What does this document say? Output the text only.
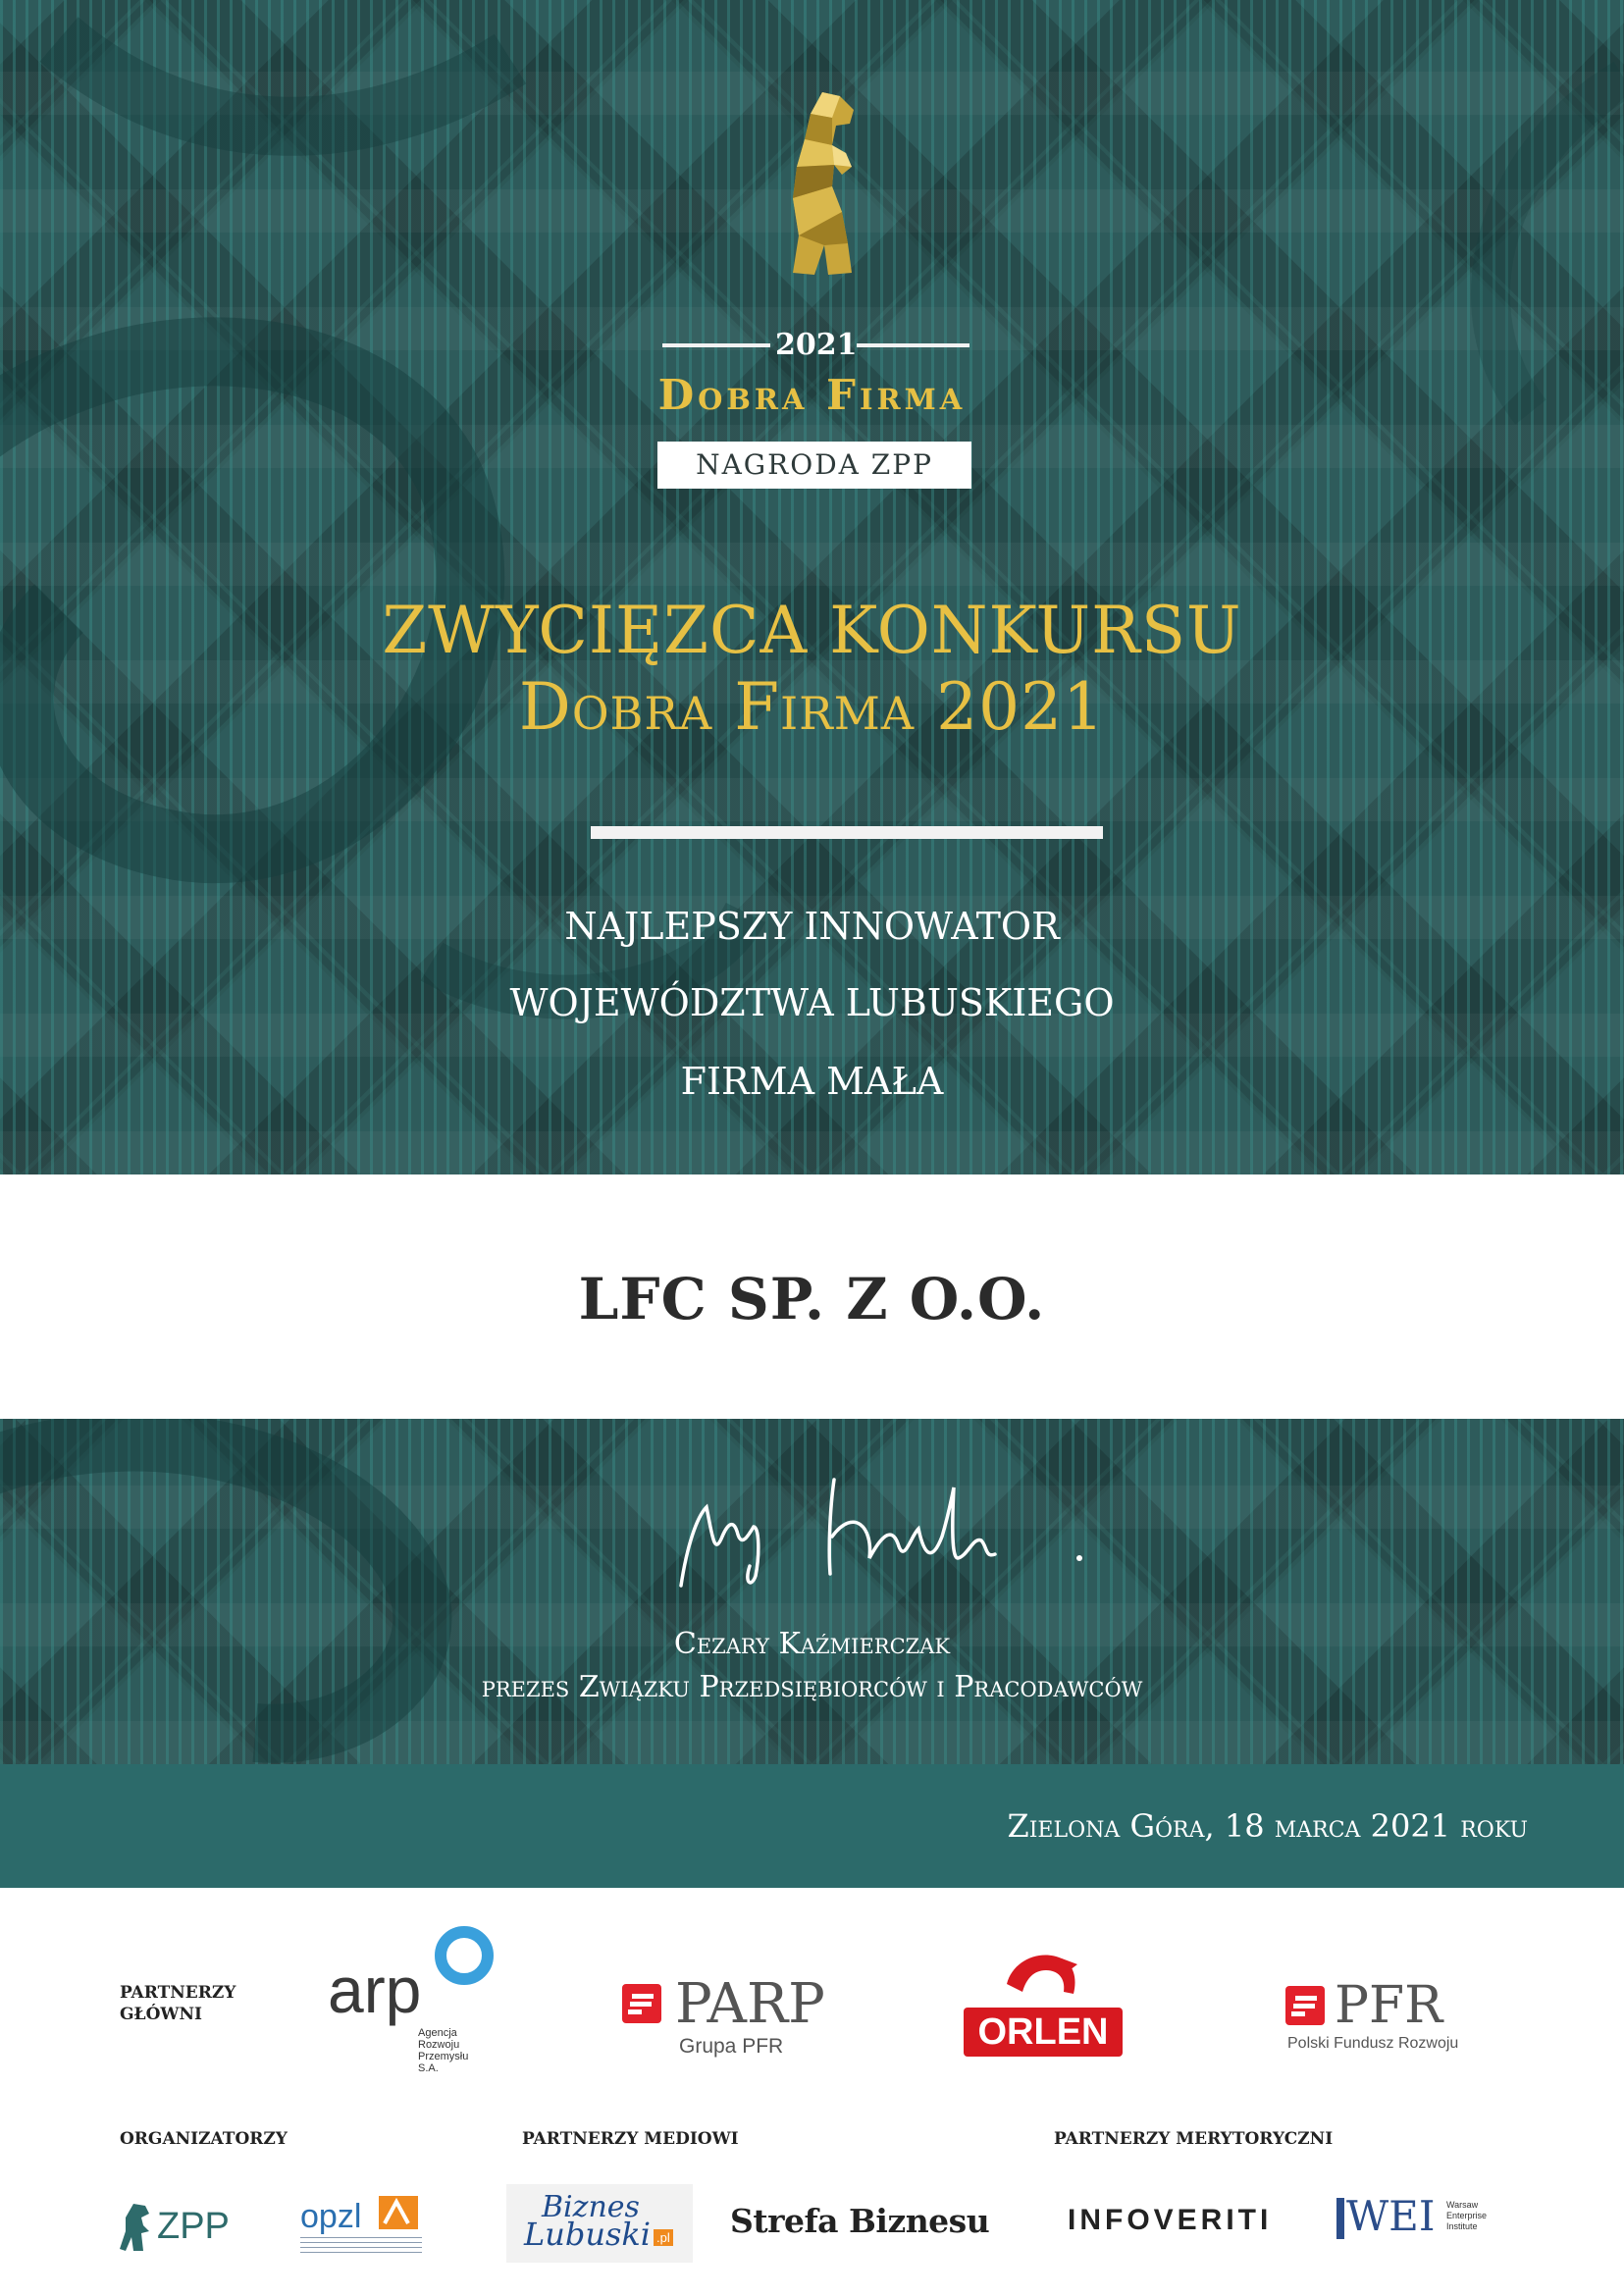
2021
Dobra Firma
NAGRODA ZPP
ZWYCIĘZCA KONKURSU
Dobra Firma 2021
NAJLEPSZY INNOWATOR
WOJEWÓDZTWA LUBUSKIEGO
FIRMA MAŁA
LFC SP. Z O.O.
Cezary Kaźmierczak
prezes Związku Przedsiębiorców i Pracodawców
Zielona Góra, 18 marca 2021 roku
PARTNERZY
GŁÓWNI	arp
Agencja
Rozwoju
Przemysłu
S.A.
PARP
Grupa PFR	ORLEN	PFR
Polski Fundusz Rozwoju
ORGANIZATORZY	PARTNERZY MEDIOWI	PARTNERZY MERYTORYCZNI
ZPP opzl	Biznes
Lubuski .pl Strefa Biznesu	INFOVERITI WEI Warsaw
Enterprise
Institute
